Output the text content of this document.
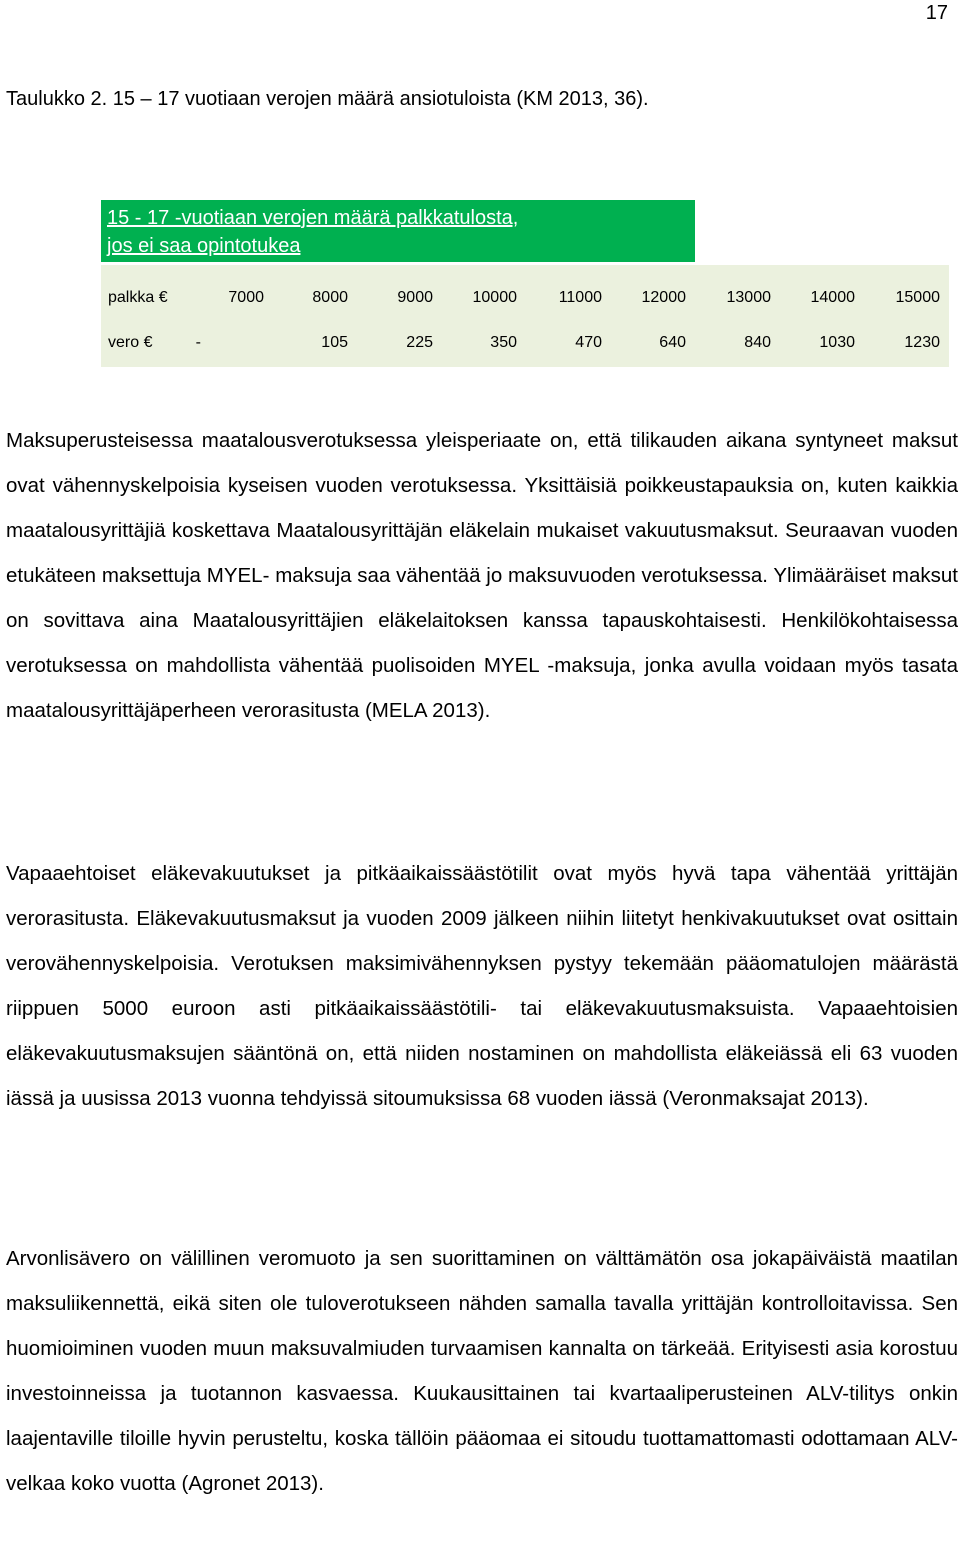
17
Taulukko 2. 15 – 17 vuotiaan verojen määrä ansiotuloista (KM 2013, 36).
15 - 17 -vuotiaan verojen määrä palkkatulosta,
jos ei saa opintotukea
palkka €	7000	8000	9000	10000	11000	12000	13000	14000	15000
vero €	-	105	225	350	470	640	840	1030	1230

Maksuperusteisessa maatalousverotuksessa yleisperiaate on, että tilikauden aikana syntyneet maksut ovat vähennyskelpoisia kyseisen vuoden verotuksessa. Yksittäisiä poikkeustapauksia on, kuten kaikkia maatalousyrittäjiä koskettava Maatalousyrittäjän eläkelain mukaiset vakuutusmaksut. Seuraavan vuoden etukäteen maksettuja MYEL- maksuja saa vähentää jo maksuvuoden verotuksessa. Ylimääräiset maksut on sovittava aina Maatalousyrittäjien eläkelaitoksen kanssa tapauskohtaisesti. Henkilökohtaisessa verotuksessa on mahdollista vähentää puolisoiden MYEL -maksuja, jonka avulla voidaan myös tasata maatalousyrittäjäperheen verorasitusta (MELA 2013).

Vapaaehtoiset eläkevakuutukset ja pitkäaikaissäästötilit ovat myös hyvä tapa vähentää yrittäjän verorasitusta. Eläkevakuutusmaksut ja vuoden 2009 jälkeen niihin liitetyt henkivakuutukset ovat osittain verovähennyskelpoisia. Verotuksen maksimivähennyksen pystyy tekemään pääomatulojen määrästä riippuen 5000 euroon asti pitkäaikaissäästötili- tai eläkevakuutusmaksuista. Vapaaehtoisien eläkevakuutusmaksujen sääntönä on, että niiden nostaminen on mahdollista eläkeiässä eli 63 vuoden iässä ja uusissa 2013 vuonna tehdyissä sitoumuksissa 68 vuoden iässä (Veronmaksajat 2013).

Arvonlisävero on välillinen veromuoto ja sen suorittaminen on välttämätön osa jokapäiväistä maatilan maksuliikennettä, eikä siten ole tuloverotukseen nähden samalla tavalla yrittäjän kontrolloitavissa. Sen huomioiminen vuoden muun maksuvalmiuden turvaamisen kannalta on tärkeää. Erityisesti asia korostuu investoinneissa ja tuotannon kasvaessa. Kuukausittainen tai kvartaaliperusteinen ALV-tilitys onkin laajentaville tiloille hyvin perusteltu, koska tällöin pääomaa ei sitoudu tuottamattomasti odottamaan ALV- velkaa koko vuotta (Agronet 2013).
